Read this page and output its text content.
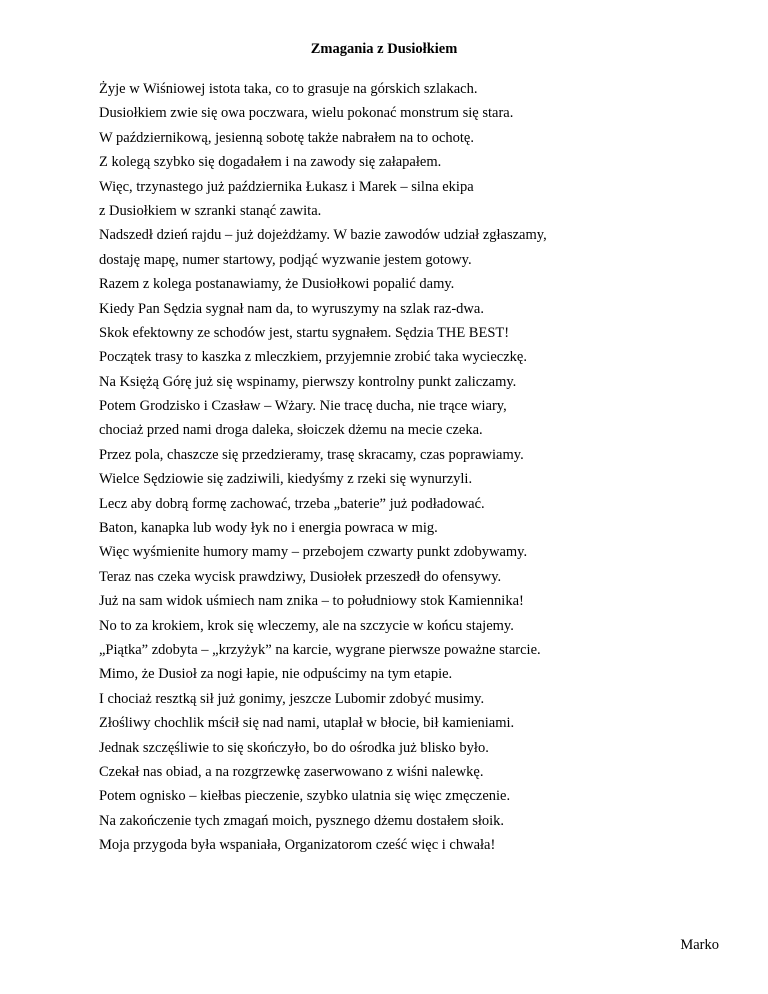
Zmagania z Dusiołkiem
Żyje w Wiśniowej istota taka, co to grasuje na górskich szlakach.
Dusiołkiem zwie się owa poczwara, wielu pokonać monstrum się stara.
W październikową, jesienną sobotę także nabrałem na to ochotę.
Z kolegą szybko się dogadałem i na zawody się załapałem.
Więc, trzynastego już października Łukasz i Marek – silna ekipa
z Dusiołkiem w szranki stanąć zawita.
Nadszedł dzień rajdu – już dojeżdżamy. W bazie zawodów udział zgłaszamy,
dostaję mapę, numer startowy, podjąć wyzwanie jestem gotowy.
Razem z kolega postanawiamy, że Dusiołkowi popalić damy.
Kiedy Pan Sędzia sygnał nam da, to wyruszymy na szlak raz-dwa.
Skok efektowny ze schodów jest, startu sygnałem. Sędzia THE BEST!
Początek trasy to kaszka z mleczkiem, przyjemnie zrobić taka wycieczkę.
Na Księżą Górę już się wspinamy, pierwszy kontrolny punkt zaliczamy.
Potem Grodzisko i Czasław – Wżary. Nie tracę ducha, nie trące wiary,
chociaż przed nami droga daleka, słoiczek dżemu na mecie czeka.
Przez pola, chaszcze się przedzieramy, trasę skracamy, czas poprawiamy.
Wielce Sędziowie się zadziwili, kiedyśmy z rzeki się wynurzyli.
Lecz aby dobrą formę zachować, trzeba „baterie” już podładować.
Baton, kanapka lub wody łyk no i energia powraca w mig.
Więc wyśmienite humory mamy – przebojem czwarty punkt zdobywamy.
Teraz nas czeka wycisk prawdziwy, Dusiołek przeszedł do ofensywy.
Już na sam widok uśmiech nam znika – to południowy stok Kamiennika!
No to za krokiem, krok się wleczemy, ale na szczycie w końcu stajemy.
„Piątka” zdobyta – „krzyżyk” na karcie, wygrane pierwsze poważne starcie.
Mimo, że Dusioł za nogi łapie, nie odpuścimy na tym etapie.
I chociaż resztką sił już gonimy, jeszcze Lubomir zdobyć musimy.
Złośliwy chochlik mścił się nad nami, utaplał w błocie, bił kamieniami.
Jednak szczęśliwie to się skończyło, bo do ośrodka już blisko było.
Czekał nas obiad, a na rozgrzewkę zaserwowano z wiśni nalewkę.
Potem ognisko – kiełbas pieczenie, szybko ulatnia się więc zmęczenie.
Na zakończenie tych zmagań moich, pysznego dżemu dostałem słoik.
Moja przygoda była wspaniała, Organizatorom cześć więc i chwała!

Marko
